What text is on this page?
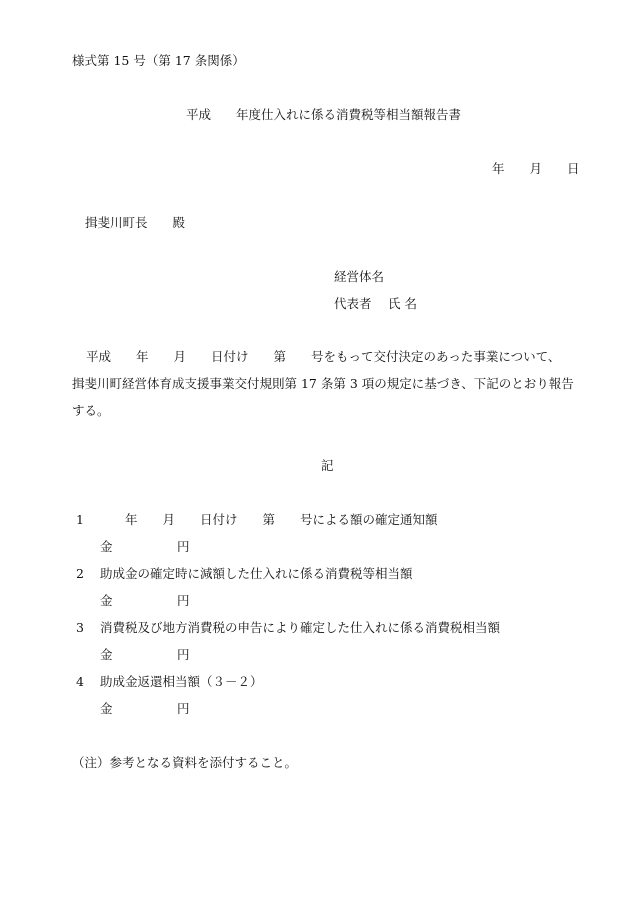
様式第 15 号（第 17 条関係）
平成　　年度仕入れに係る消費税等相当額報告書
年　　月　　日
揖斐川町長　　殿
経営体名
代表者　 氏 名
平成　　年　　月　　日付け　　第　　号をもって交付決定のあった事業について、
揖斐川町経営体育成支援事業交付規則第 17 条第 3 項の規定に基づき、下記のとおり報告
する。
記
1 　　年　　月　　日付け　　第　　号による額の確定通知額
金	円
2 助成金の確定時に減額した仕入れに係る消費税等相当額
金	円
3 消費税及び地方消費税の申告により確定した仕入れに係る消費税相当額
金	円
4 助成金返還相当額（３－２）
金	円
（注）参考となる資料を添付すること。
